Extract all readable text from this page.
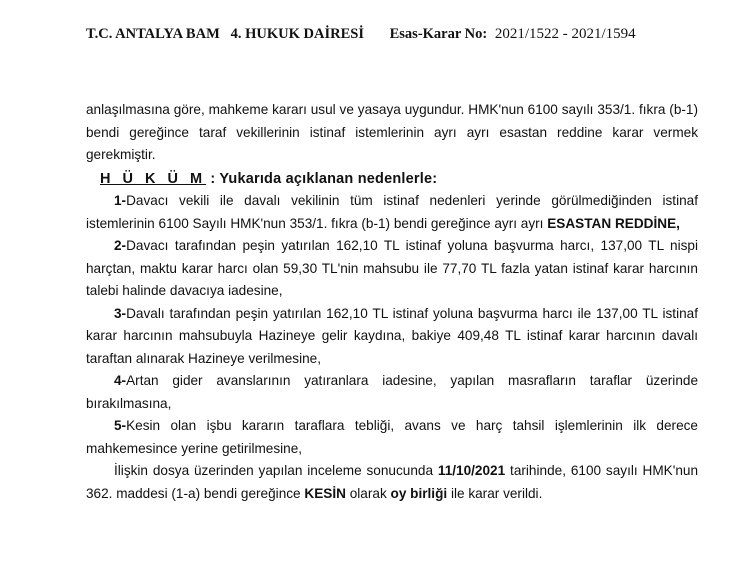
T.C. ANTALYA BAM 4. HUKUK DAİRESİ Esas-Karar No: 2021/1522 - 2021/1594

anlaşılmasına göre, mahkeme kararı usul ve yasaya uygundur. HMK'nun 6100 sayılı 353/1. fıkra (b-1) bendi gereğince taraf vekillerinin istinaf istemlerinin ayrı ayrı esastan reddine karar vermek gerekmiştir.

H Ü K Ü M : Yukarıda açıklanan nedenlerle:

1-Davacı vekili ile davalı vekilinin tüm istinaf nedenleri yerinde görülmediğinden istinaf istemlerinin 6100 Sayılı HMK'nun 353/1. fıkra (b-1) bendi gereğince ayrı ayrı ESASTAN REDDİNE,

2-Davacı tarafından peşin yatırılan 162,10 TL istinaf yoluna başvurma harcı, 137,00 TL nispi harçtan, maktu karar harcı olan 59,30 TL'nin mahsubu ile 77,70 TL fazla yatan istinaf karar harcının talebi halinde davacıya iadesine,

3-Davalı tarafından peşin yatırılan 162,10 TL istinaf yoluna başvurma harcı ile 137,00 TL istinaf karar harcının mahsubuyla Hazineye gelir kaydına, bakiye 409,48 TL istinaf karar harcının davalı taraftan alınarak Hazineye verilmesine,

4-Artan gider avanslarının yatıranlara iadesine, yapılan masrafların taraflar üzerinde bırakılmasına,

5-Kesin olan işbu kararın taraflara tebliği, avans ve harç tahsil işlemlerinin ilk derece mahkemesince yerine getirilmesine,

İlişkin dosya üzerinden yapılan inceleme sonucunda 11/10/2021 tarihinde, 6100 sayılı HMK'nun 362. maddesi (1-a) bendi gereğince KESİN olarak oy birliği ile karar verildi.
